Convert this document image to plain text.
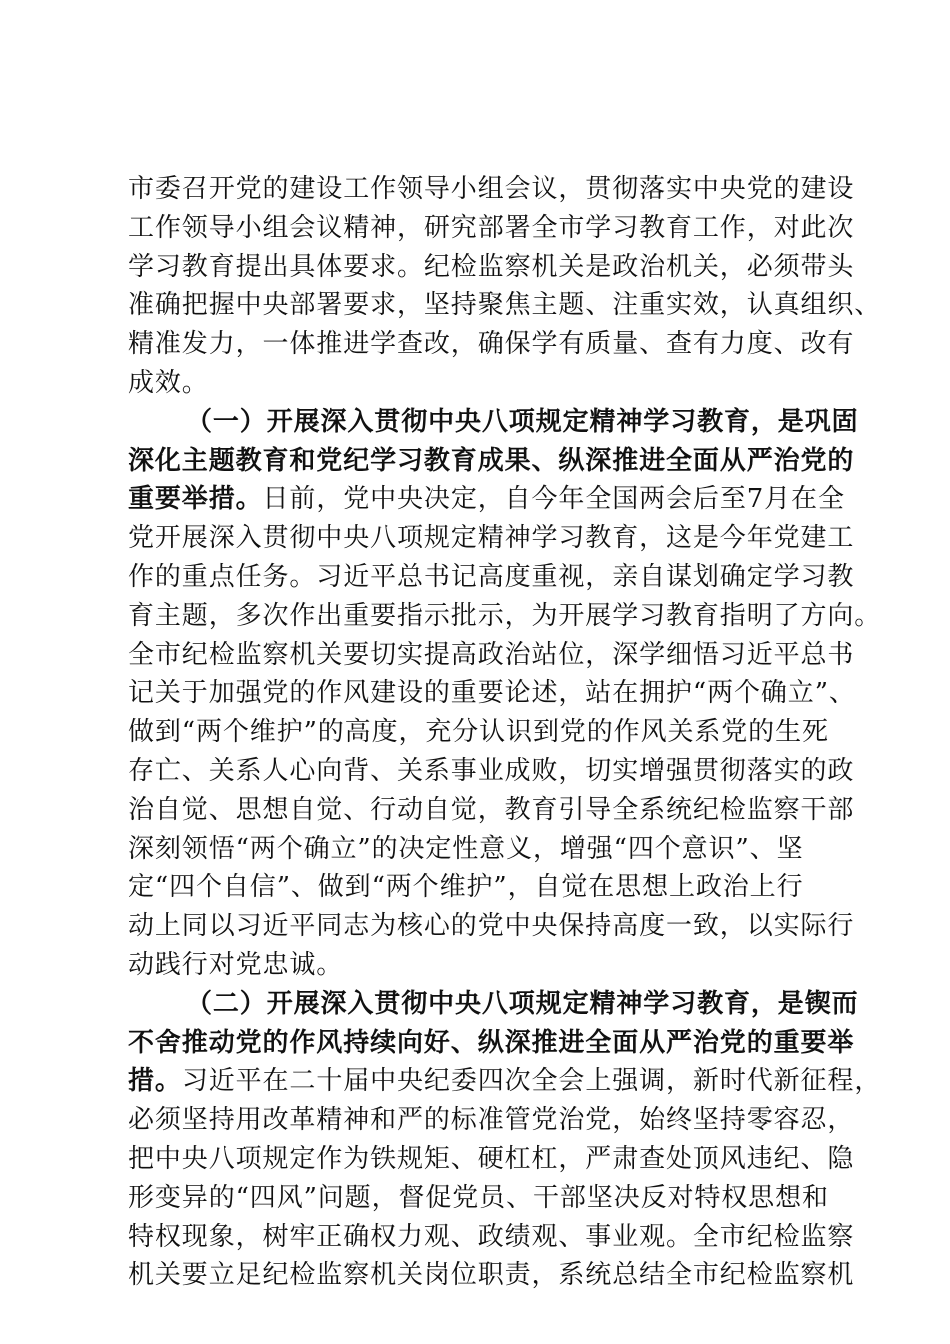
市委召开党的建设工作领导小组会议，贯彻落实中央党的建设
工作领导小组会议精神，研究部署全市学习教育工作，对此次
学习教育提出具体要求。纪检监察机关是政治机关，必须带头
准确把握中央部署要求，坚持聚焦主题、注重实效，认真组织、
精准发力，一体推进学查改，确保学有质量、查有力度、改有
成效。
（一）开展深入贯彻中央八项规定精神学习教育，是巩固
深化主题教育和党纪学习教育成果、纵深推进全面从严治党的
重要举措。日前，党中央决定，自今年全国两会后至7月在全
党开展深入贯彻中央八项规定精神学习教育，这是今年党建工
作的重点任务。习近平总书记高度重视，亲自谋划确定学习教
育主题，多次作出重要指示批示，为开展学习教育指明了方向。
全市纪检监察机关要切实提高政治站位，深学细悟习近平总书
记关于加强党的作风建设的重要论述，站在拥护“两个确立”、
做到“两个维护”的高度，充分认识到党的作风关系党的生死
存亡、关系人心向背、关系事业成败，切实增强贯彻落实的政
治自觉、思想自觉、行动自觉，教育引导全系统纪检监察干部
深刻领悟“两个确立”的决定性意义，增强“四个意识”、坚
定“四个自信”、做到“两个维护”，自觉在思想上政治上行
动上同以习近平同志为核心的党中央保持高度一致，以实际行
动践行对党忠诚。
（二）开展深入贯彻中央八项规定精神学习教育，是锲而
不舍推动党的作风持续向好、纵深推进全面从严治党的重要举
措。习近平在二十届中央纪委四次全会上强调，新时代新征程，
必须坚持用改革精神和严的标准管党治党，始终坚持零容忍，
把中央八项规定作为铁规矩、硬杠杠，严肃查处顶风违纪、隐
形变异的“四风”问题，督促党员、干部坚决反对特权思想和
特权现象，树牢正确权力观、政绩观、事业观。全市纪检监察
机关要立足纪检监察机关岗位职责，系统总结全市纪检监察机
